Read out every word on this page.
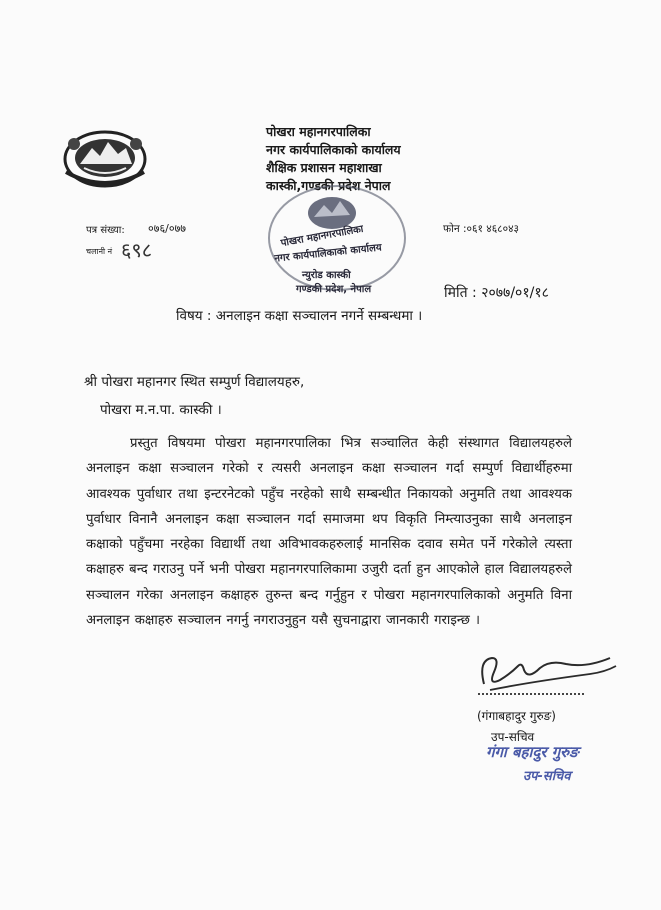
पोखरा महानगरपालिका
नगर कार्यपालिकाको कार्यालय
शैक्षिक प्रशासन महाशाखा
कास्की,गण्डकी प्रदेश नेपाल
पोखरा महानगरपालिका
नगर कार्यपालिकाको कार्यालय
न्युरोड कास्की
गण्डकी प्रदेश, नेपाल
पत्र संख्या: ०७६/०७७
चलानी नं ६९८
फोन :०६१ ४६८०४३
मिति : २०७७/०१/१८
विषय : अनलाइन कक्षा सञ्चालन नगर्ने सम्बन्धमा ।
श्री पोखरा महानगर स्थित सम्पुर्ण विद्यालयहरु,
पोखरा म.न.पा. कास्की ।
प्रस्तुत विषयमा पोखरा महानगरपालिका भित्र सञ्चालित केही संस्थागत विद्यालयहरुले अनलाइन कक्षा सञ्चालन गरेको र त्यसरी अनलाइन कक्षा सञ्चालन गर्दा सम्पुर्ण विद्यार्थीहरुमा आवश्यक पुर्वाधार तथा इन्टरनेटको पहुँच नरहेको साथै सम्बन्धीत निकायको अनुमति तथा आवश्यक पुर्वाधार विनानै अनलाइन कक्षा सञ्चालन गर्दा समाजमा थप विकृति निम्त्याउनुका साथै अनलाइन कक्षाको पहुँचमा नरहेका विद्यार्थी तथा अविभावकहरुलाई मानसिक दवाव समेत पर्ने गरेकोले त्यस्ता कक्षाहरु बन्द गराउनु पर्ने भनी पोखरा महानगरपालिकामा उजुरी दर्ता हुन आएकोले हाल विद्यालयहरुले सञ्चालन गरेका अनलाइन कक्षाहरु तुरुन्त बन्द गर्नुहुन र पोखरा महानगरपालिकाको अनुमति विना अनलाइन कक्षाहरु सञ्चालन नगर्नु नगराउनुहुन यसै सुचनाद्वारा जानकारी गराइन्छ ।
(गंगाबहादुर गुरुङ)
उप-सचिव
गंगा बहादुर गुरुङ
उप-सचिव
